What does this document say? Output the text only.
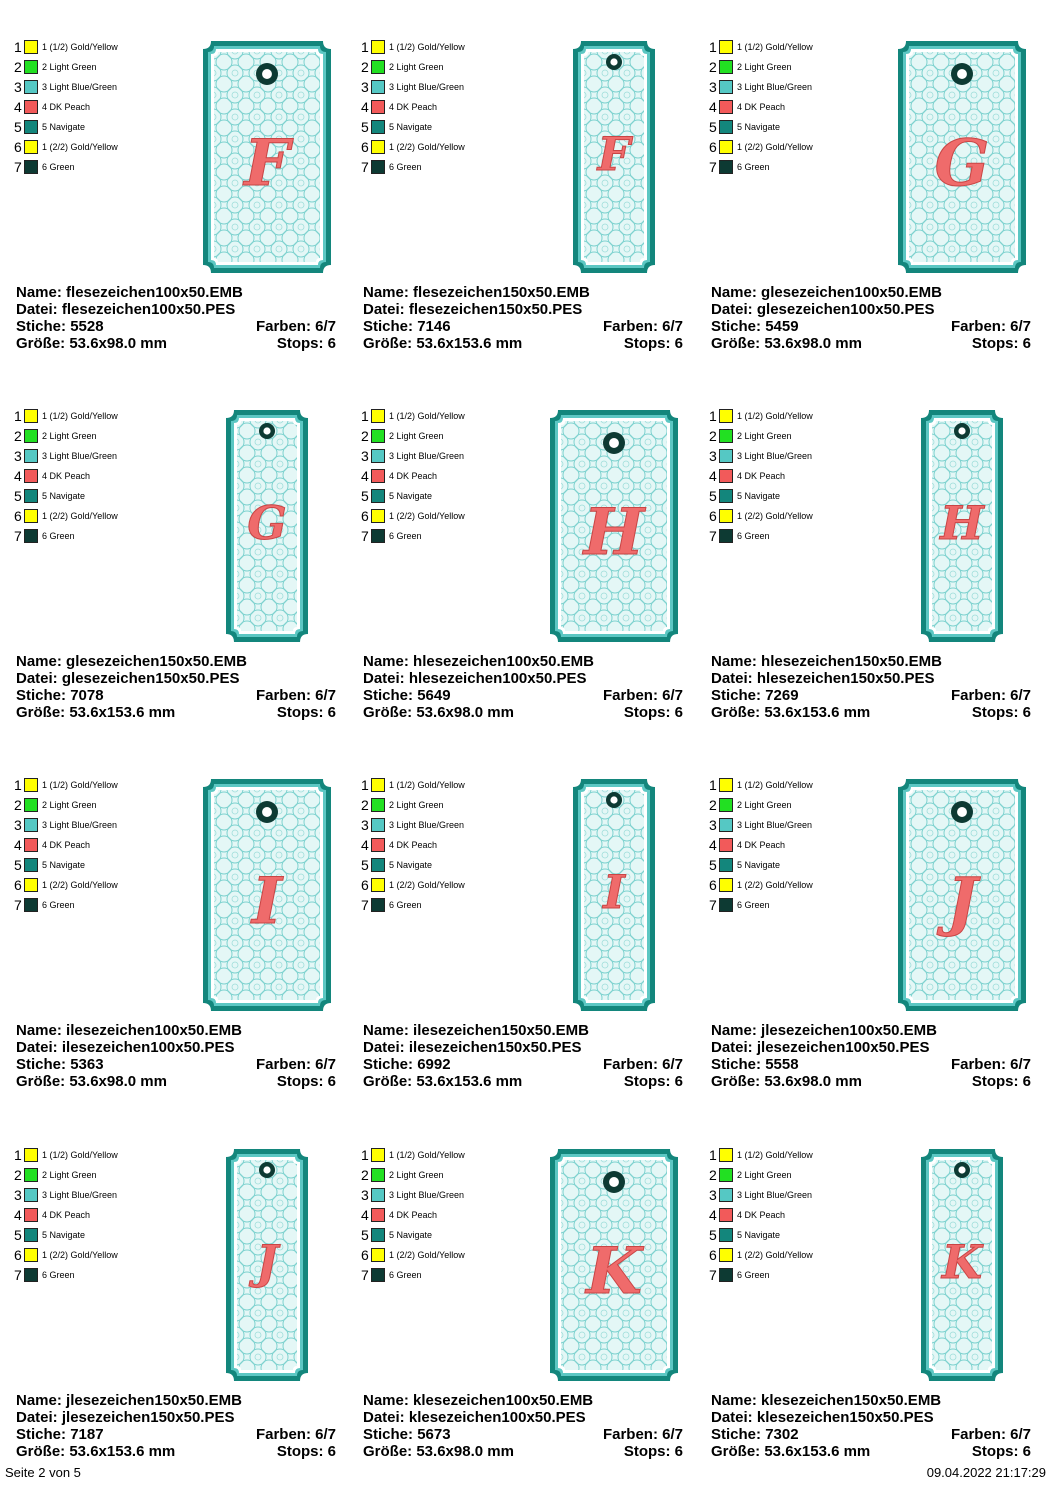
1 1 (1/2) Gold/Yellow
2 2 Light Green
3 3 Light Blue/Green
4 4 DK Peach
5 5 Navigate
6 1 (2/2) Gold/Yellow
7 6 Green	F
Name: flesezeichen100x50.EMB
Datei: flesezeichen100x50.PES
Stiche: 5528	Farben: 6/7
Größe: 53.6x98.0 mm	Stops: 6
1 1 (1/2) Gold/Yellow
2 2 Light Green
3 3 Light Blue/Green
4 4 DK Peach
5 5 Navigate
6 1 (2/2) Gold/Yellow
7 6 Green	F
Name: flesezeichen150x50.EMB
Datei: flesezeichen150x50.PES
Stiche: 7146	Farben: 6/7
Größe: 53.6x153.6 mm	Stops: 6
1 1 (1/2) Gold/Yellow
2 2 Light Green
3 3 Light Blue/Green
4 4 DK Peach
5 5 Navigate
6 1 (2/2) Gold/Yellow
7 6 Green	G
Name: glesezeichen100x50.EMB
Datei: glesezeichen100x50.PES
Stiche: 5459	Farben: 6/7
Größe: 53.6x98.0 mm	Stops: 6
1 1 (1/2) Gold/Yellow
2 2 Light Green
3 3 Light Blue/Green
4 4 DK Peach
5 5 Navigate
6 1 (2/2) Gold/Yellow
7 6 Green	G
Name: glesezeichen150x50.EMB
Datei: glesezeichen150x50.PES
Stiche: 7078	Farben: 6/7
Größe: 53.6x153.6 mm	Stops: 6
1 1 (1/2) Gold/Yellow
2 2 Light Green
3 3 Light Blue/Green
4 4 DK Peach
5 5 Navigate
6 1 (2/2) Gold/Yellow
7 6 Green	H
Name: hlesezeichen100x50.EMB
Datei: hlesezeichen100x50.PES
Stiche: 5649	Farben: 6/7
Größe: 53.6x98.0 mm	Stops: 6
1 1 (1/2) Gold/Yellow
2 2 Light Green
3 3 Light Blue/Green
4 4 DK Peach
5 5 Navigate
6 1 (2/2) Gold/Yellow
7 6 Green	H
Name: hlesezeichen150x50.EMB
Datei: hlesezeichen150x50.PES
Stiche: 7269	Farben: 6/7
Größe: 53.6x153.6 mm	Stops: 6
1 1 (1/2) Gold/Yellow
2 2 Light Green
3 3 Light Blue/Green
4 4 DK Peach
5 5 Navigate
6 1 (2/2) Gold/Yellow
7 6 Green	I
Name: ilesezeichen100x50.EMB
Datei: ilesezeichen100x50.PES
Stiche: 5363	Farben: 6/7
Größe: 53.6x98.0 mm	Stops: 6
1 1 (1/2) Gold/Yellow
2 2 Light Green
3 3 Light Blue/Green
4 4 DK Peach
5 5 Navigate
6 1 (2/2) Gold/Yellow
7 6 Green	I
Name: ilesezeichen150x50.EMB
Datei: ilesezeichen150x50.PES
Stiche: 6992	Farben: 6/7
Größe: 53.6x153.6 mm	Stops: 6
1 1 (1/2) Gold/Yellow
2 2 Light Green
3 3 Light Blue/Green
4 4 DK Peach
5 5 Navigate
6 1 (2/2) Gold/Yellow
7 6 Green	J
Name: jlesezeichen100x50.EMB
Datei: jlesezeichen100x50.PES
Stiche: 5558	Farben: 6/7
Größe: 53.6x98.0 mm	Stops: 6
1 1 (1/2) Gold/Yellow
2 2 Light Green
3 3 Light Blue/Green
4 4 DK Peach
5 5 Navigate
6 1 (2/2) Gold/Yellow
7 6 Green	J
Name: jlesezeichen150x50.EMB
Datei: jlesezeichen150x50.PES
Stiche: 7187	Farben: 6/7
Größe: 53.6x153.6 mm	Stops: 6
1 1 (1/2) Gold/Yellow
2 2 Light Green
3 3 Light Blue/Green
4 4 DK Peach
5 5 Navigate
6 1 (2/2) Gold/Yellow
7 6 Green	K
Name: klesezeichen100x50.EMB
Datei: klesezeichen100x50.PES
Stiche: 5673	Farben: 6/7
Größe: 53.6x98.0 mm	Stops: 6
1 1 (1/2) Gold/Yellow
2 2 Light Green
3 3 Light Blue/Green
4 4 DK Peach
5 5 Navigate
6 1 (2/2) Gold/Yellow
7 6 Green	K
Name: klesezeichen150x50.EMB
Datei: klesezeichen150x50.PES
Stiche: 7302	Farben: 6/7
Größe: 53.6x153.6 mm	Stops: 6
Seite 2 von 5	09.04.2022 21:17:29
